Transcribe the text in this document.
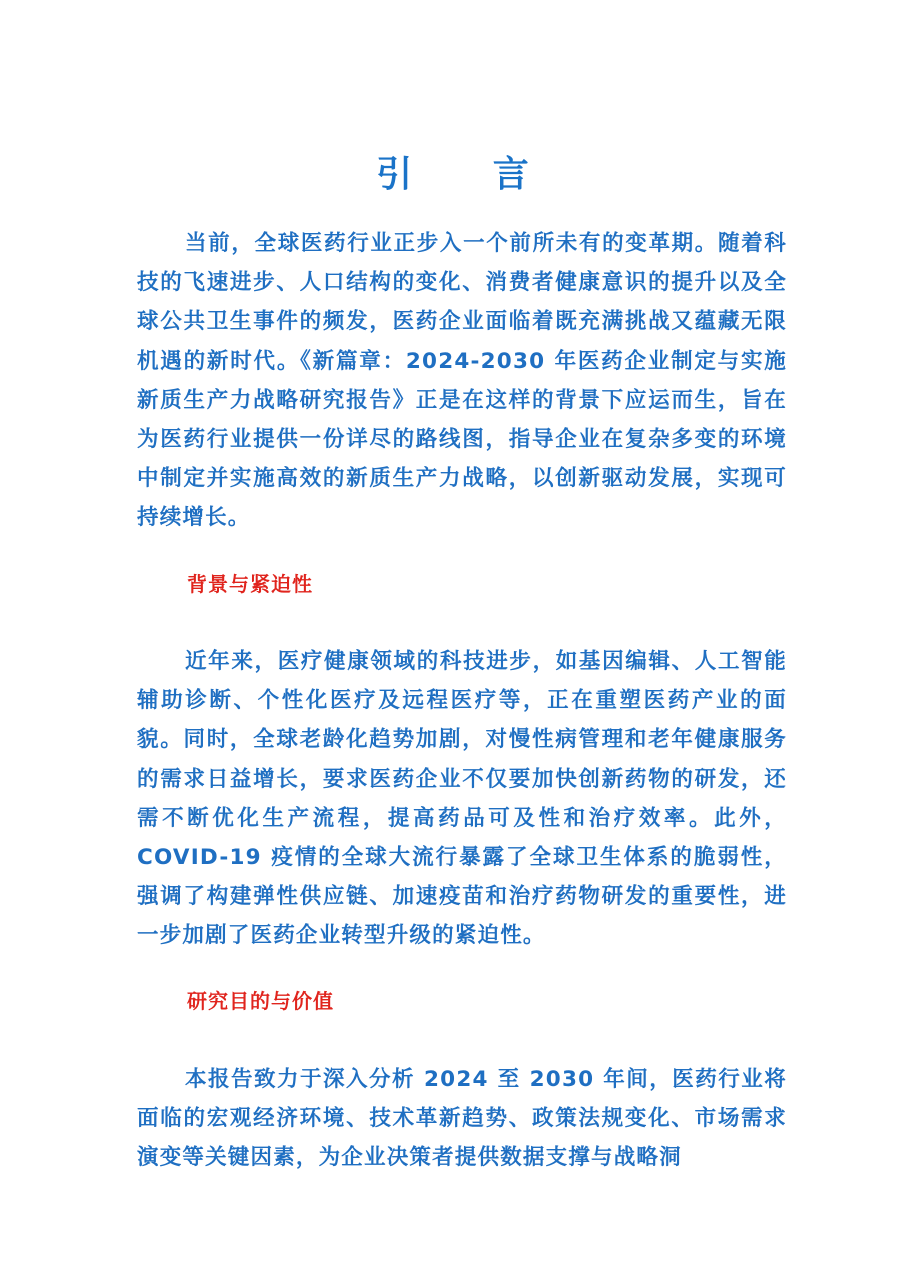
引 言

当前，全球医药行业正步入一个前所未有的变革期。随着科技的飞速进步、人口结构的变化、消费者健康意识的提升以及全球公共卫生事件的频发，医药企业面临着既充满挑战又蕴藏无限机遇的新时代。《新篇章：2024-2030 年医药企业制定与实施新质生产力战略研究报告》正是在这样的背景下应运而生，旨在为医药行业提供一份详尽的路线图，指导企业在复杂多变的环境中制定并实施高效的新质生产力战略，以创新驱动发展，实现可持续增长。

背景与紧迫性

近年来，医疗健康领域的科技进步，如基因编辑、人工智能辅助诊断、个性化医疗及远程医疗等，正在重塑医药产业的面貌。同时，全球老龄化趋势加剧，对慢性病管理和老年健康服务的需求日益增长，要求医药企业不仅要加快创新药物的研发，还需不断优化生产流程，提高药品可及性和治疗效率。此外，COVID-19 疫情的全球大流行暴露了全球卫生体系的脆弱性，强调了构建弹性供应链、加速疫苗和治疗药物研发的重要性，进一步加剧了医药企业转型升级的紧迫性。

研究目的与价值

本报告致力于深入分析 2024 至 2030 年间，医药行业将面临的宏观经济环境、技术革新趋势、政策法规变化、市场需求演变等关键因素，为企业决策者提供数据支撑与战略洞
